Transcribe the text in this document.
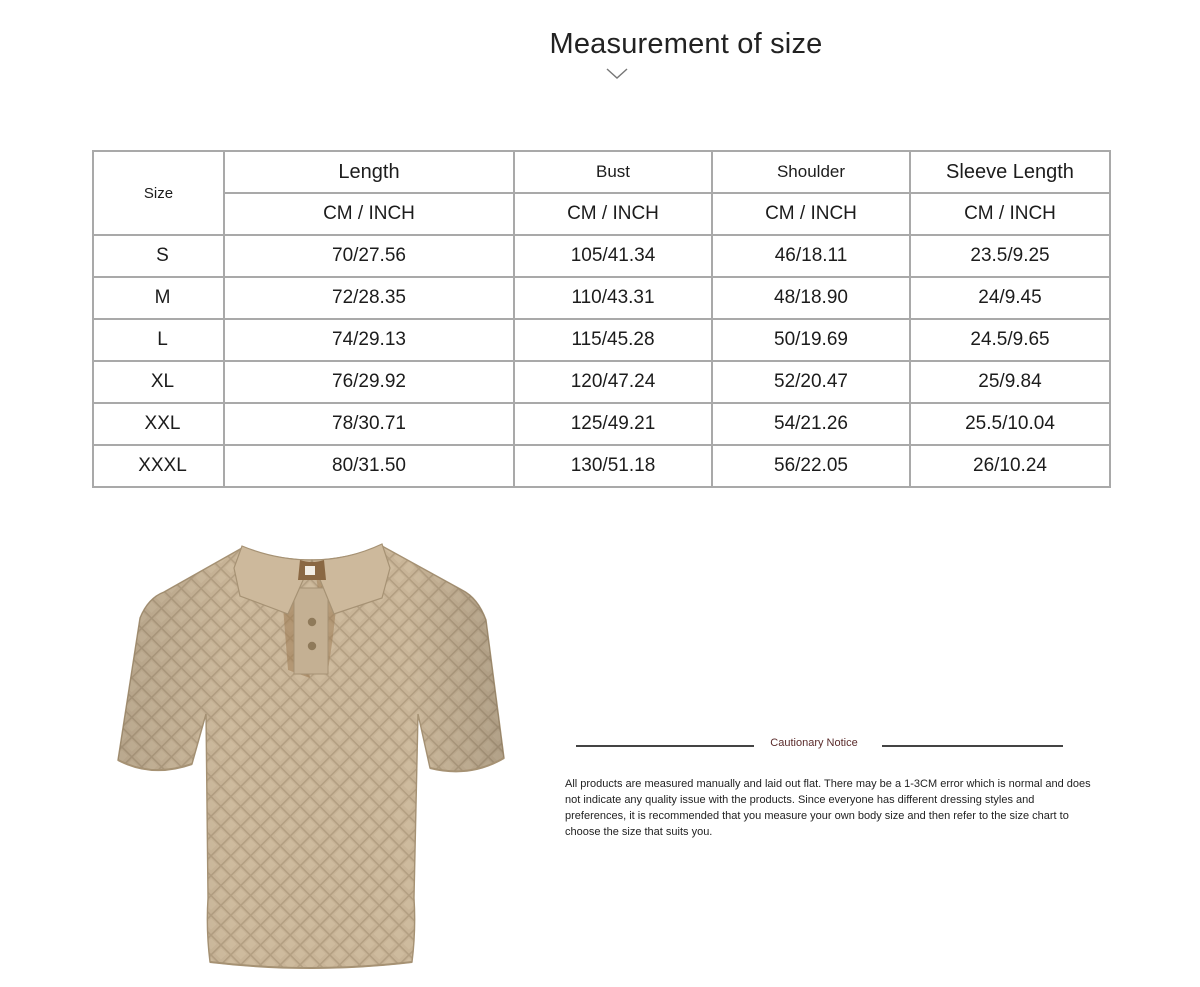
Measurement of size
Size	Length	Bust	Shoulder	Sleeve Length
	CM / INCH	CM / INCH	CM / INCH	CM / INCH
S	70/27.56	105/41.34	46/18.11	23.5/9.25
M	72/28.35	110/43.31	48/18.90	24/9.45
L	74/29.13	115/45.28	50/19.69	24.5/9.65
XL	76/29.92	120/47.24	52/20.47	25/9.84
XXL	78/30.71	125/49.21	54/21.26	25.5/10.04
XXXL	80/31.50	130/51.18	56/22.05	26/10.24
Cautionary Notice
All products are measured manually and laid out flat. There may be a 1-3CM error which is normal and does not indicate any quality issue with the products. Since everyone has different dressing styles and preferences, it is recommended that you measure your own body size and then refer to the size chart to choose the size that suits you.
